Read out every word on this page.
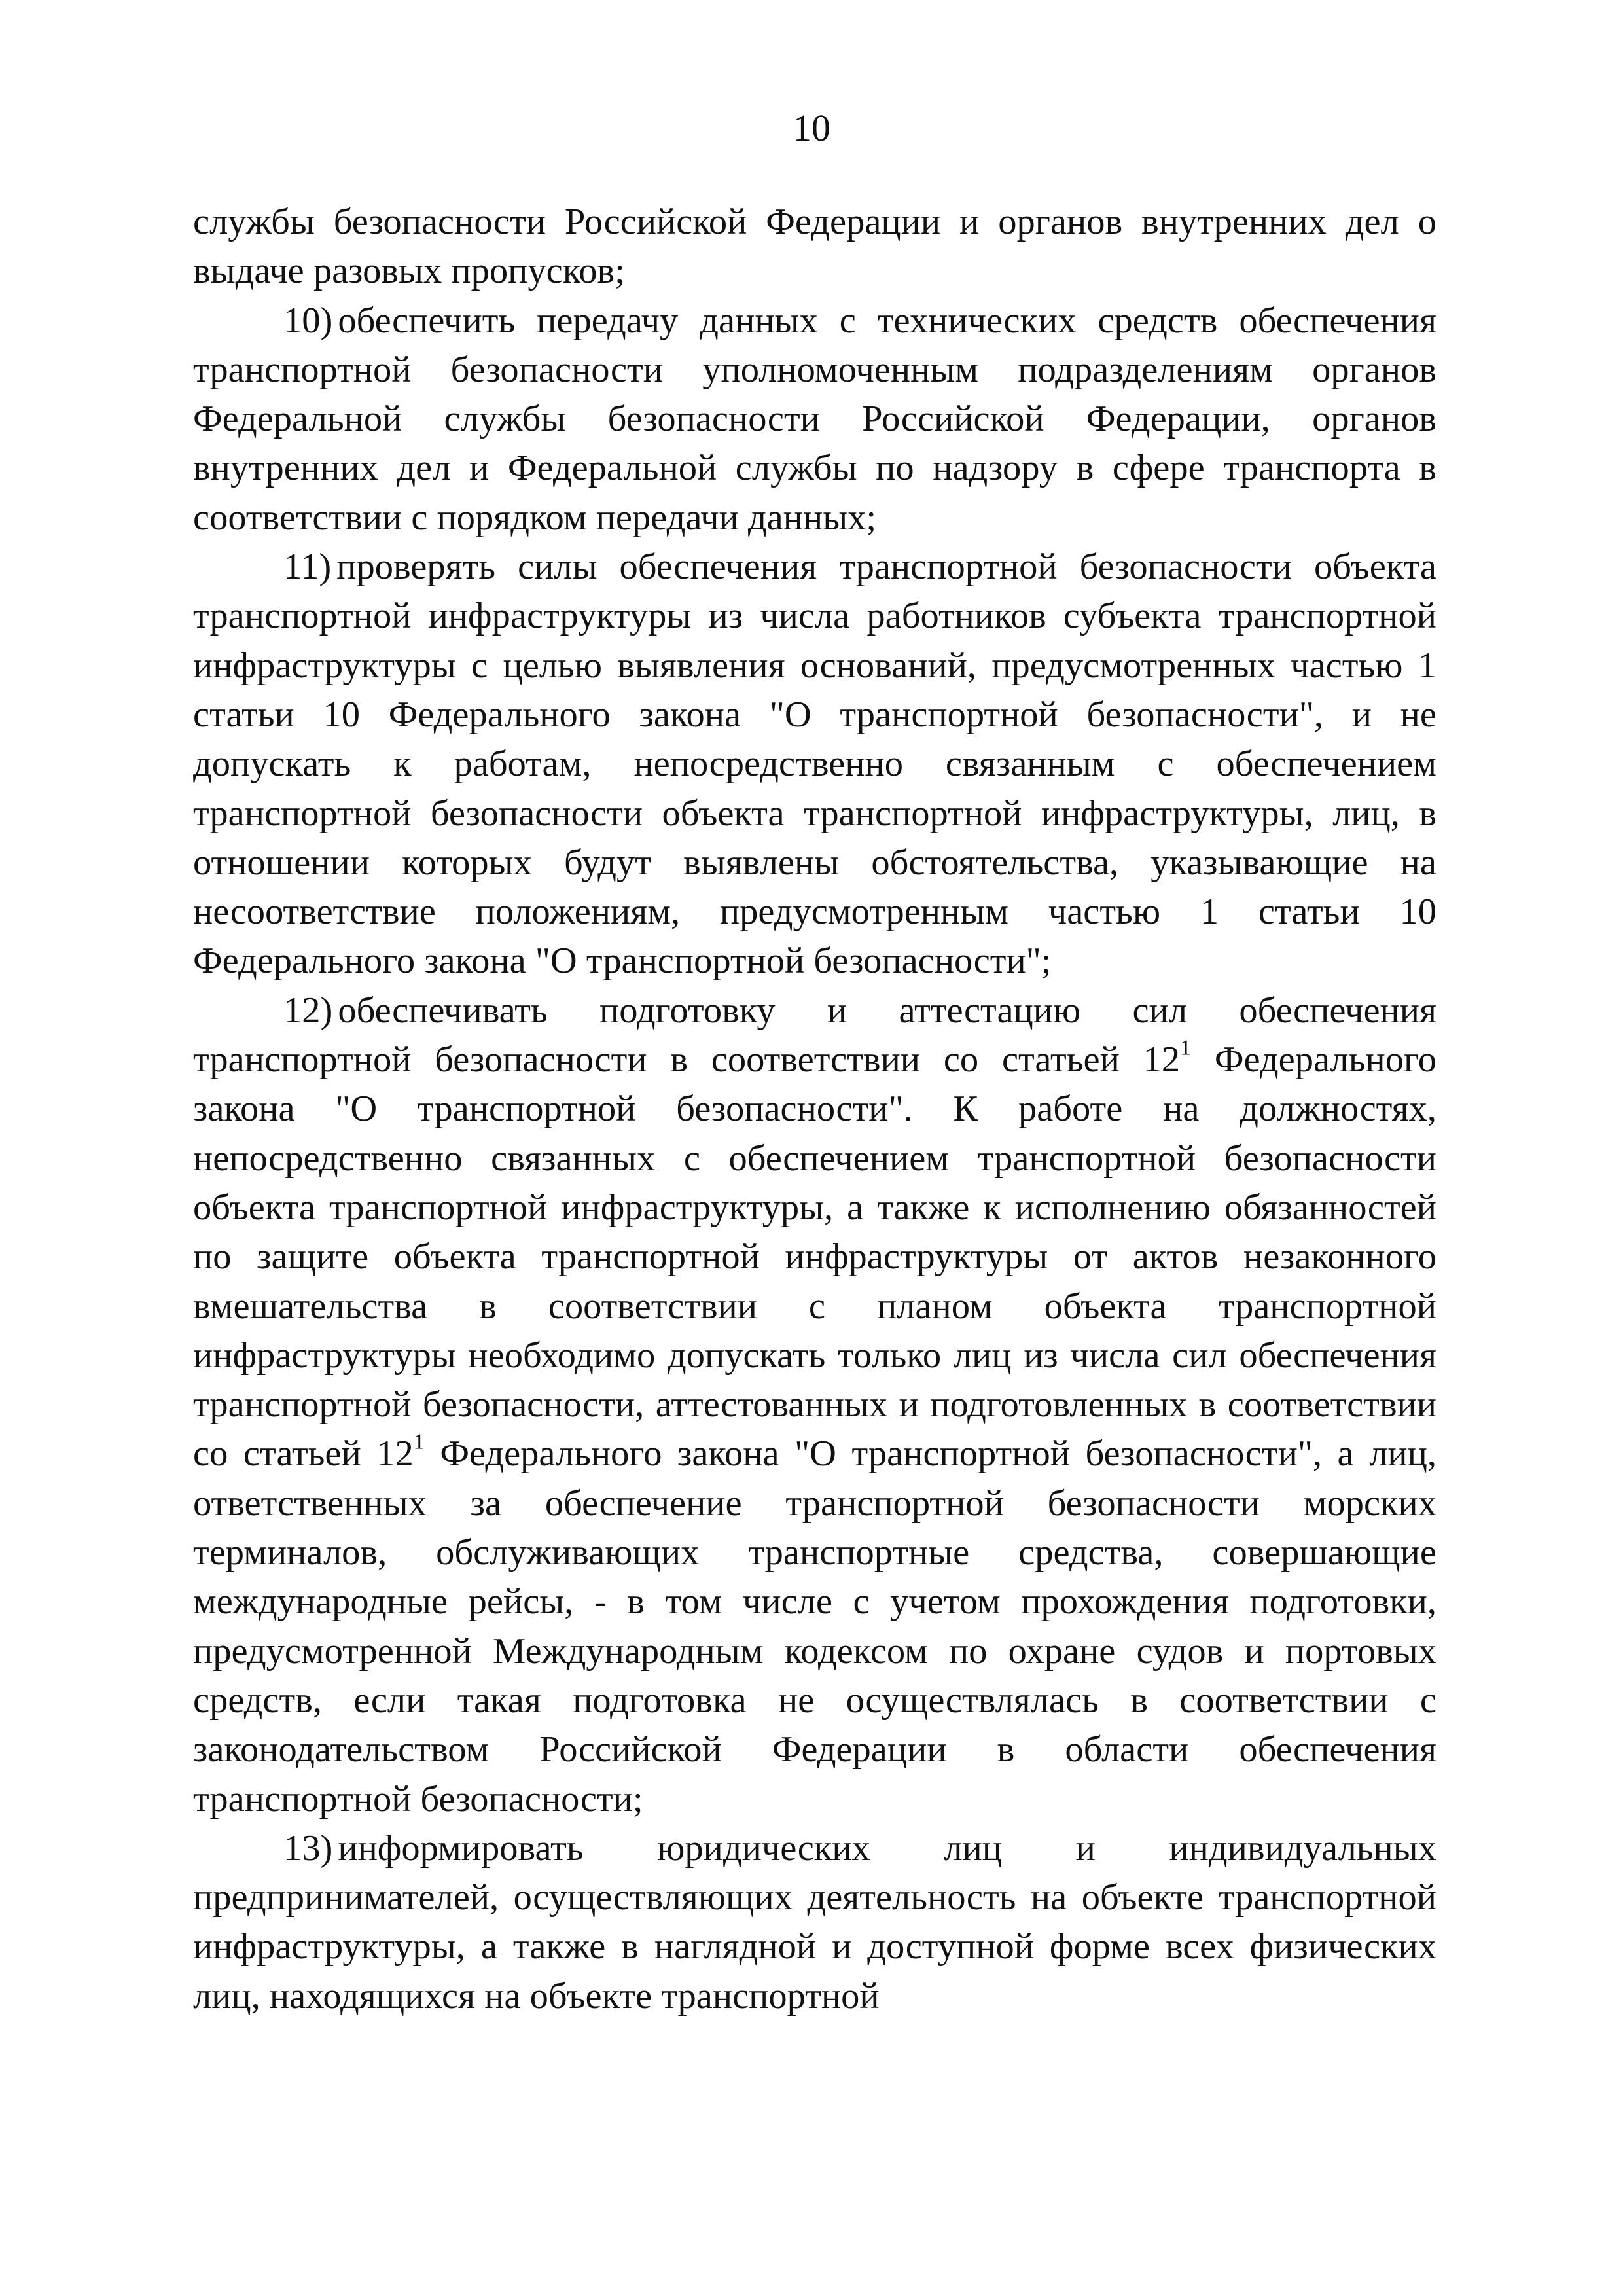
10

службы безопасности Российской Федерации и органов внутренних дел о выдаче разовых пропусков;

10) обеспечить передачу данных с технических средств обеспечения транспортной безопасности уполномоченным подразделениям органов Федеральной службы безопасности Российской Федерации, органов внутренних дел и Федеральной службы по надзору в сфере транспорта в соответствии с порядком передачи данных;

11) проверять силы обеспечения транспортной безопасности объекта транспортной инфраструктуры из числа работников субъекта транспортной инфраструктуры с целью выявления оснований, предусмотренных частью 1 статьи 10 Федерального закона "О транспортной безопасности", и не допускать к работам, непосредственно связанным с обеспечением транспортной безопасности объекта транспортной инфраструктуры, лиц, в отношении которых будут выявлены обстоятельства, указывающие на несоответствие положениям, предусмотренным частью 1 статьи 10 Федерального закона "О транспортной безопасности";

12) обеспечивать подготовку и аттестацию сил обеспечения транспортной безопасности в соответствии со статьей $12^1$ Федерального закона "О транспортной безопасности". К работе на должностях, непосредственно связанных с обеспечением транспортной безопасности объекта транспортной инфраструктуры, а также к исполнению обязанностей по защите объекта транспортной инфраструктуры от актов незаконного вмешательства в соответствии с планом объекта транспортной инфраструктуры необходимо допускать только лиц из числа сил обеспечения транспортной безопасности, аттестованных и подготовленных в соответствии со статьей $12^1$ Федерального закона "О транспортной безопасности", а лиц, ответственных за обеспечение транспортной безопасности морских терминалов, обслуживающих транспортные средства, совершающие международные рейсы, - в том числе с учетом прохождения подготовки, предусмотренной Международным кодексом по охране судов и портовых средств, если такая подготовка не осуществлялась в соответствии с законодательством Российской Федерации в области обеспечения транспортной безопасности;

13) информировать юридических лиц и индивидуальных предпринимателей, осуществляющих деятельность на объекте транспортной инфраструктуры, а также в наглядной и доступной форме всех физических лиц, находящихся на объекте транспортной
